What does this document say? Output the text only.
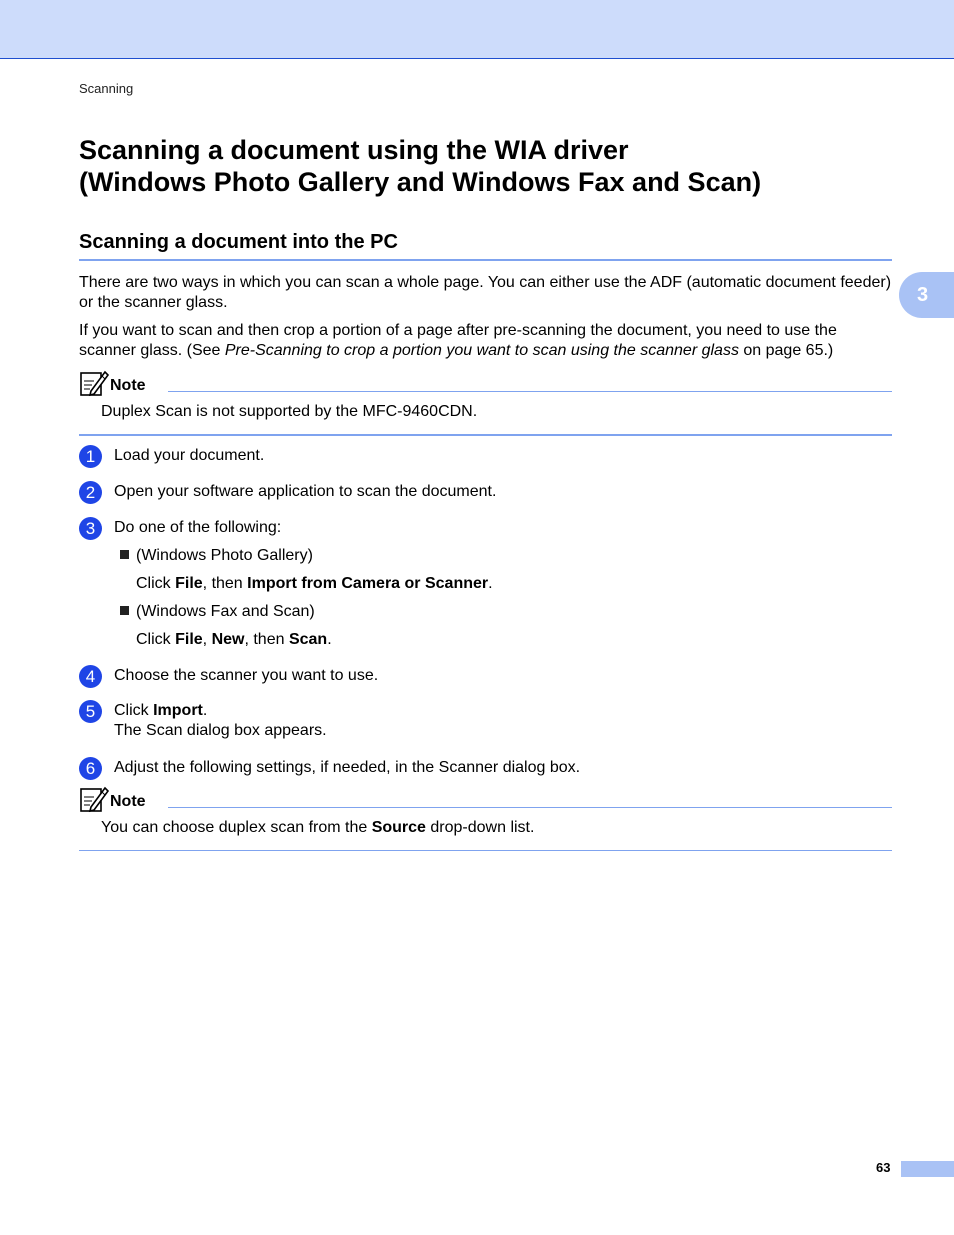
Scanning
3
Scanning a document using the WIA driver
(Windows Photo Gallery and Windows Fax and Scan)
Scanning a document into the PC

There are two ways in which you can scan a whole page. You can either use the ADF (automatic document feeder) or the scanner glass.

If you want to scan and then crop a portion of a page after pre-scanning the document, you need to use the scanner glass. (See Pre-Scanning to crop a portion you want to scan using the scanner glass on page 65.)

Note

Duplex Scan is not supported by the MFC-9460CDN.

1	Load your document.

2	Open your software application to scan the document.

3	Do one of the following:

(Windows Photo Gallery)
Click File, then Import from Camera or Scanner.
(Windows Fax and Scan)
Click File, New, then Scan.
4	Choose the scanner you want to use.

5	Click Import.
The Scan dialog box appears.

6	Adjust the following settings, if needed, in the Scanner dialog box.

Note

You can choose duplex scan from the Source drop-down list.

63
